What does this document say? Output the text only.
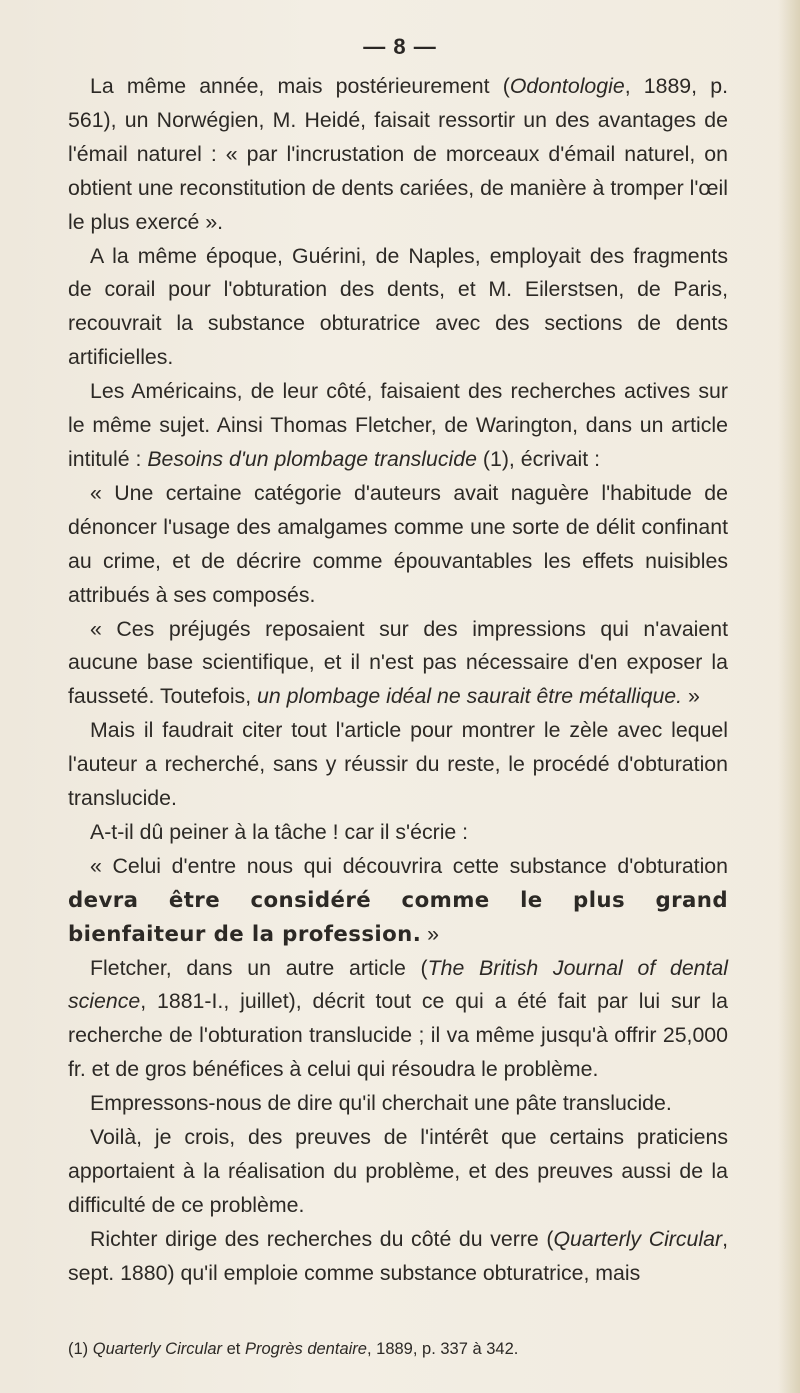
— 8 —

La même année, mais postérieurement (Odontologie, 1889, p. 561), un Norwégien, M. Heidé, faisait ressortir un des avantages de l'émail naturel : « par l'incrustation de morceaux d'émail naturel, on obtient une reconstitution de dents cariées, de manière à tromper l'œil le plus exercé ».

A la même époque, Guérini, de Naples, employait des fragments de corail pour l'obturation des dents, et M. Eilerstsen, de Paris, recouvrait la substance obturatrice avec des sections de dents artificielles.

Les Américains, de leur côté, faisaient des recherches actives sur le même sujet. Ainsi Thomas Fletcher, de Warington, dans un article intitulé : Besoins d'un plombage translucide (1), écrivait :

« Une certaine catégorie d'auteurs avait naguère l'habitude de dénoncer l'usage des amalgames comme une sorte de délit confinant au crime, et de décrire comme épouvantables les effets nuisibles attribués à ses composés.

« Ces préjugés reposaient sur des impressions qui n'avaient aucune base scientifique, et il n'est pas nécessaire d'en exposer la fausseté. Toutefois, un plombage idéal ne saurait être métallique. »

Mais il faudrait citer tout l'article pour montrer le zèle avec lequel l'auteur a recherché, sans y réussir du reste, le procédé d'obturation translucide.

A-t-il dû peiner à la tâche ! car il s'écrie :

« Celui d'entre nous qui découvrira cette substance d'obturation devra être considéré comme le plus grand bienfaiteur de la profession. »

Fletcher, dans un autre article (The British Journal of dental science, 1881-I., juillet), décrit tout ce qui a été fait par lui sur la recherche de l'obturation translucide ; il va même jusqu'à offrir 25,000 fr. et de gros bénéfices à celui qui résoudra le problème.

Empressons-nous de dire qu'il cherchait une pâte translucide.

Voilà, je crois, des preuves de l'intérêt que certains praticiens apportaient à la réalisation du problème, et des preuves aussi de la difficulté de ce problème.

Richter dirige des recherches du côté du verre (Quarterly Circular, sept. 1880) qu'il emploie comme substance obturatrice, mais

(1) Quarterly Circular et Progrès dentaire, 1889, p. 337 à 342.
